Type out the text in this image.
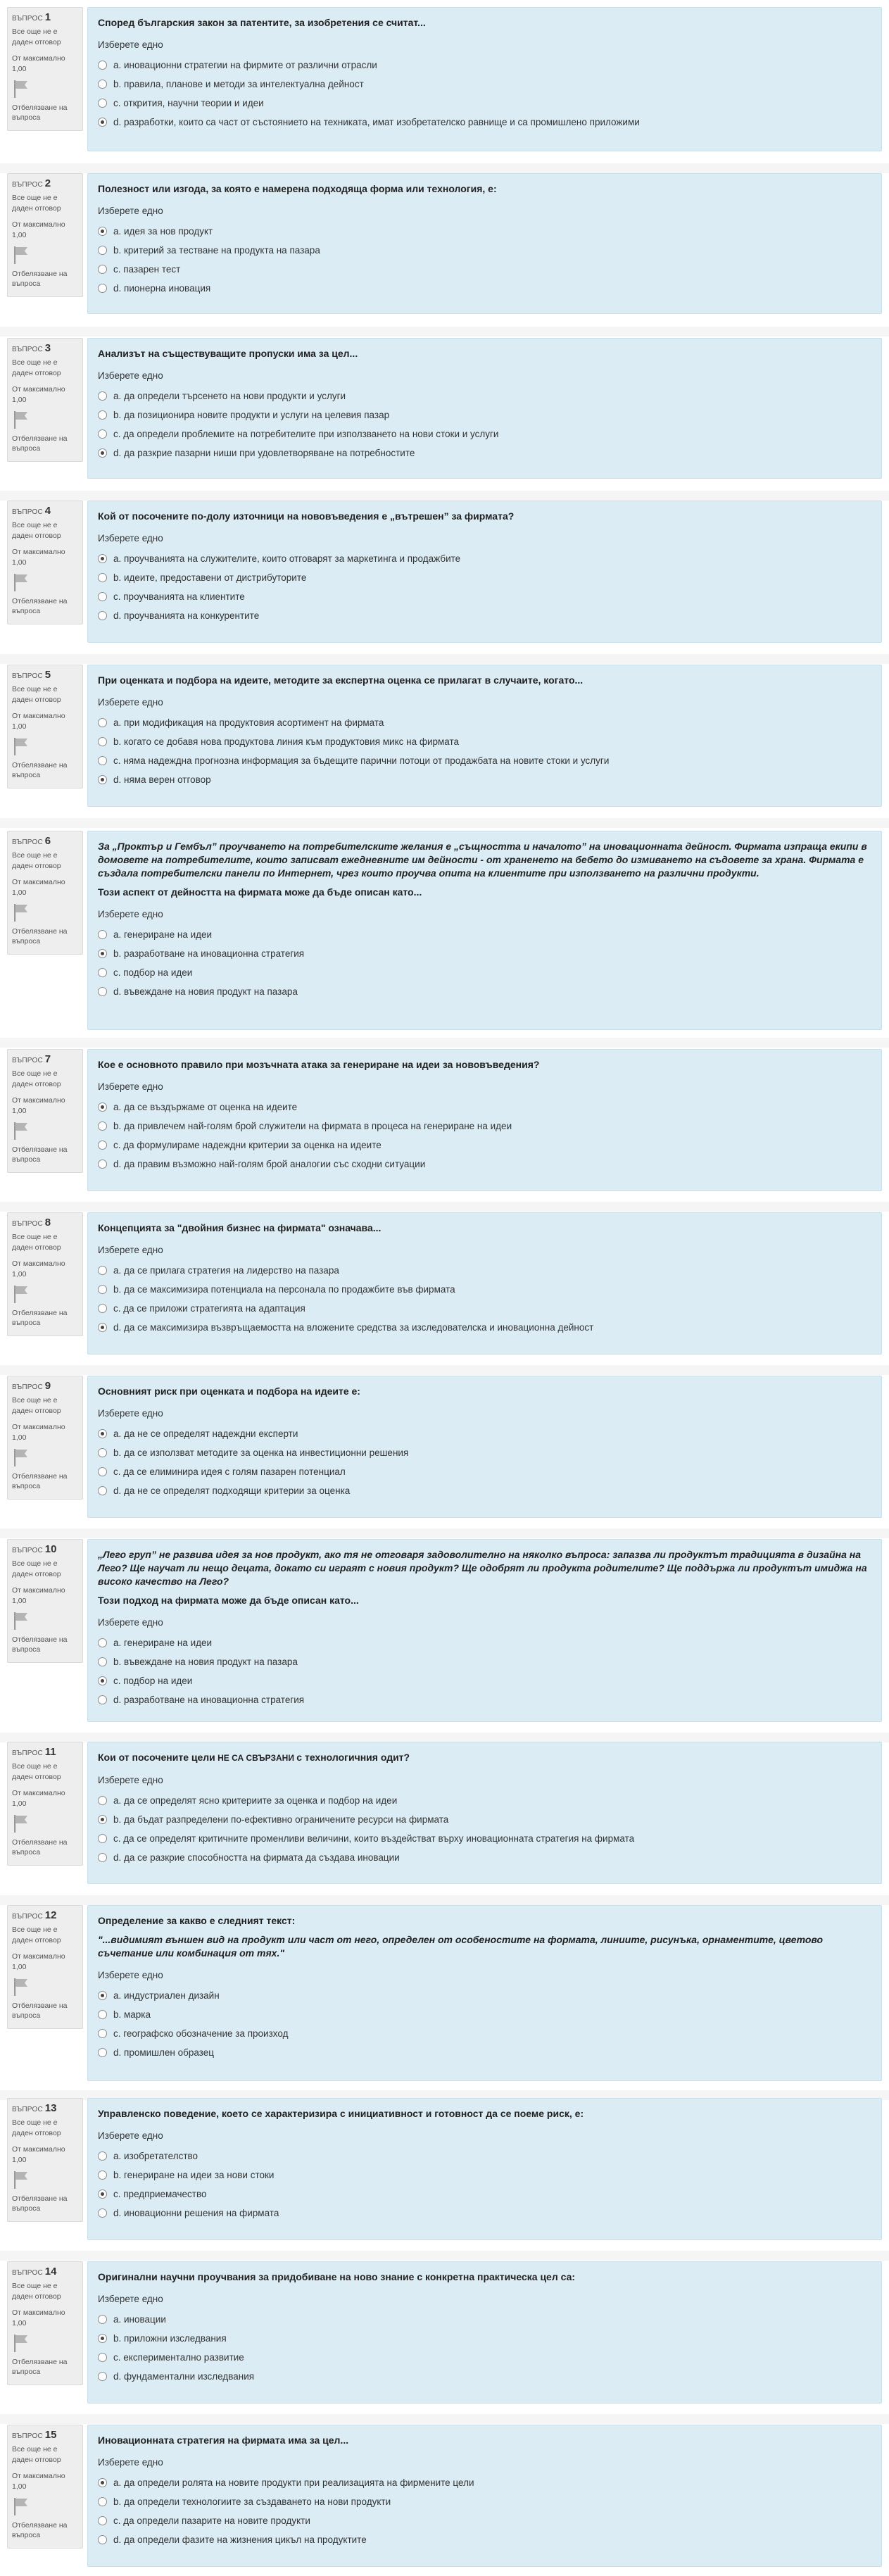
ВЪПРОС 1
Все още не е даден отговор
От максимално 1,00
Отбелязване на въпроса
Според българския закон за патентите, за изобретения се считат...
Изберете едно
a. иновационни стратегии на фирмите от различни отрасли
b. правила, планове и методи за интелектуална дейност
c. открития, научни теории и идеи
d. разработки, които са част от състоянието на техниката, имат изобретателско равнище и са промишлено приложими
ВЪПРОС 2
Все още не е даден отговор
От максимално 1,00
Отбелязване на въпроса
Полезност или изгода, за която е намерена подходяща форма или технология, е:
Изберете едно
a. идея за нов продукт
b. критерий за тестване на продукта на пазара
c. пазарен тест
d. пионерна иновация
ВЪПРОС 3
Все още не е даден отговор
От максимално 1,00
Отбелязване на въпроса
Анализът на съществуващите пропуски има за цел...
Изберете едно
a. да определи търсенето на нови продукти и услуги
b. да позиционира новите продукти и услуги на целевия пазар
c. да определи проблемите на потребителите при използването на нови стоки и услуги
d. да разкрие пазарни ниши при удовлетворяване на потребностите
ВЪПРОС 4
Все още не е даден отговор
От максимално 1,00
Отбелязване на въпроса
Кой от посочените по-долу източници на нововъведения е „вътрешен” за фирмата?
Изберете едно
a. проучванията на служителите, които отговарят за маркетинга и продажбите
b. идеите, предоставени от дистрибуторите
c. проучванията на клиентите
d. проучванията на конкурентите
ВЪПРОС 5
Все още не е даден отговор
От максимално 1,00
Отбелязване на въпроса
При оценката и подбора на идеите, методите за експертна оценка се прилагат в случаите, когато...
Изберете едно
a. при модификация на продуктовия асортимент на фирмата
b. когато се добавя нова продуктова линия към продуктовия микс на фирмата
c. няма надеждна прогнозна информация за бъдещите парични потоци от продажбата на новите стоки и услуги
d. няма верен отговор
ВЪПРОС 6
Все още не е даден отговор
От максимално 1,00
Отбелязване на въпроса
За „Проктър и Гембъл” проучването на потребителските желания е „същността и началото” на иновационната дейност. Фирмата изпраща екипи в домовете на потребителите, които записват ежедневните им дейности - от храненето на бебето до измиването на съдовете за храна. Фирмата е създала потребителски панели по Интернет, чрез които проучва опита на клиентите при използването на различни продукти.
Този аспект от дейността на фирмата може да бъде описан като...
Изберете едно
a. генериране на идеи
b. разработване на иновационна стратегия
c. подбор на идеи
d. въвеждане на новия продукт на пазара
ВЪПРОС 7
Все още не е даден отговор
От максимално 1,00
Отбелязване на въпроса
Кое е основното правило при мозъчната атака за генериране на идеи за нововъведения?
Изберете едно
a. да се въздържаме от оценка на идеите
b. да привлечем най-голям брой служители на фирмата в процеса на генериране на идеи
c. да формулираме надеждни критерии за оценка на идеите
d. да правим възможно най-голям брой аналогии със сходни ситуации
ВЪПРОС 8
Все още не е даден отговор
От максимално 1,00
Отбелязване на въпроса
Концепцията за "двойния бизнес на фирмата" означава...
Изберете едно
a. да се прилага стратегия на лидерство на пазара
b. да се максимизира потенциала на персонала по продажбите във фирмата
c. да се приложи стратегията на адаптация
d. да се максимизира възвръщаемостта на вложените средства за изследователска и иновационна дейност
ВЪПРОС 9
Все още не е даден отговор
От максимално 1,00
Отбелязване на въпроса
Основният риск при оценката и подбора на идеите е:
Изберете едно
a. да не се определят надеждни експерти
b. да се използват методите за оценка на инвестиционни решения
c. да се елиминира идея с голям пазарен потенциал
d. да не се определят подходящи критерии за оценка
ВЪПРОС 10
Все още не е даден отговор
От максимално 1,00
Отбелязване на въпроса
„Лего груп” не развива идея за нов продукт, ако тя не отговаря задоволително на няколко въпроса: запазва ли продуктът традицията в дизайна на Лего? Ще научат ли нещо децата, докато си играят с новия продукт? Ще одобрят ли продукта родителите? Ще поддържа ли продуктът имиджа на високо качество на Лего?
Този подход на фирмата може да бъде описан като...
Изберете едно
a. генериране на идеи
b. въвеждане на новия продукт на пазара
c. подбор на идеи
d. разработване на иновационна стратегия
ВЪПРОС 11
Все още не е даден отговор
От максимално 1,00
Отбелязване на въпроса
Кои от посочените цели НЕ СА СВЪРЗАНИ с технологичния одит?
Изберете едно
a. да се определят ясно критериите за оценка и подбор на идеи
b. да бъдат разпределени по-ефективно ограничените ресурси на фирмата
c. да се определят критичните променливи величини, които въздействат върху иновационната стратегия на фирмата
d. да се разкрие способността на фирмата да създава иновации
ВЪПРОС 12
Все още не е даден отговор
От максимално 1,00
Отбелязване на въпроса
Определение за какво е следният текст:
"...видимият външен вид на продукт или част от него, определен от особеностите на формата, линиите, рисунъка, орнаментите, цветово съчетание или комбинация от тях."
Изберете едно
a. индустриален дизайн
b. марка
c. географско обозначение за произход
d. промишлен образец
ВЪПРОС 13
Все още не е даден отговор
От максимално 1,00
Отбелязване на въпроса
Управленско поведение, което се характеризира с инициативност и готовност да се поеме риск, е:
Изберете едно
a. изобретателство
b. генериране на идеи за нови стоки
c. предприемачество
d. иновационни решения на фирмата
ВЪПРОС 14
Все още не е даден отговор
От максимално 1,00
Отбелязване на въпроса
Оригинални научни проучвания за придобиване на ново знание с конкретна практическа цел са:
Изберете едно
a. иновации
b. приложни изследвания
c. експериментално развитие
d. фундаментални изследвания
ВЪПРОС 15
Все още не е даден отговор
От максимално 1,00
Отбелязване на въпроса
Иновационната стратегия на фирмата има за цел...
Изберете едно
a. да определи ролята на новите продукти при реализацията на фирмените цели
b. да определи технологиите за създаването на нови продукти
c. да определи пазарите на новите продукти
d. да определи фазите на жизнения цикъл на продуктите
